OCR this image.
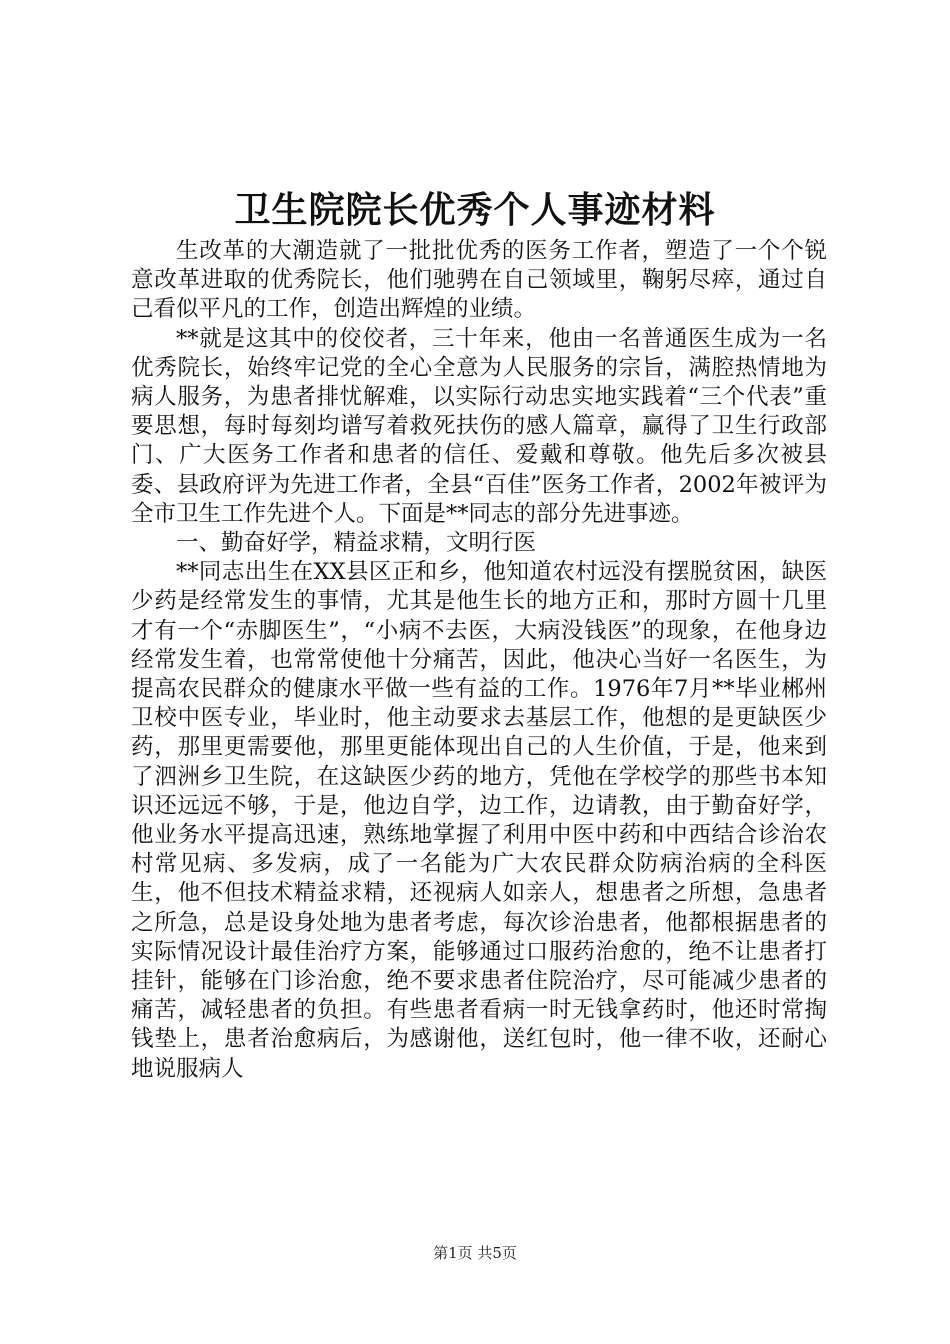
卫生院院长优秀个人事迹材料

生改革的大潮造就了一批批优秀的医务工作者，塑造了一个个锐意改革进取的优秀院长，他们驰骋在自己领域里，鞠躬尽瘁，通过自己看似平凡的工作，创造出辉煌的业绩。

**就是这其中的佼佼者，三十年来，他由一名普通医生成为一名优秀院长，始终牢记党的全心全意为人民服务的宗旨，满腔热情地为病人服务，为患者排忧解难，以实际行动忠实地实践着“三个代表”重要思想，每时每刻均谱写着救死扶伤的感人篇章，赢得了卫生行政部门、广大医务工作者和患者的信任、爱戴和尊敬。他先后多次被县委、县政府评为先进工作者，全县“百佳”医务工作者，2002年被评为全市卫生工作先进个人。下面是**同志的部分先进事迹。

一、勤奋好学，精益求精，文明行医

**同志出生在XX县区正和乡，他知道农村远没有摆脱贫困，缺医少药是经常发生的事情，尤其是他生长的地方正和，那时方圆十几里才有一个“赤脚医生”，“小病不去医，大病没钱医”的现象，在他身边经常发生着，也常常使他十分痛苦，因此，他决心当好一名医生，为提高农民群众的健康水平做一些有益的工作。1976年7月**毕业郴州卫校中医专业，毕业时，他主动要求去基层工作，他想的是更缺医少药，那里更需要他，那里更能体现出自己的人生价值，于是，他来到了泗洲乡卫生院，在这缺医少药的地方，凭他在学校学的那些书本知识还远远不够，于是，他边自学，边工作，边请教，由于勤奋好学，他业务水平提高迅速，熟练地掌握了利用中医中药和中西结合诊治农村常见病、多发病，成了一名能为广大农民群众防病治病的全科医生，他不但技术精益求精，还视病人如亲人，想患者之所想，急患者之所急，总是设身处地为患者考虑，每次诊治患者，他都根据患者的实际情况设计最佳治疗方案，能够通过口服药治愈的，绝不让患者打挂针，能够在门诊治愈，绝不要求患者住院治疗，尽可能减少患者的痛苦，减轻患者的负担。有些患者看病一时无钱拿药时，他还时常掏钱垫上，患者治愈病后，为感谢他，送红包时，他一律不收，还耐心地说服病人

第1页 共5页
